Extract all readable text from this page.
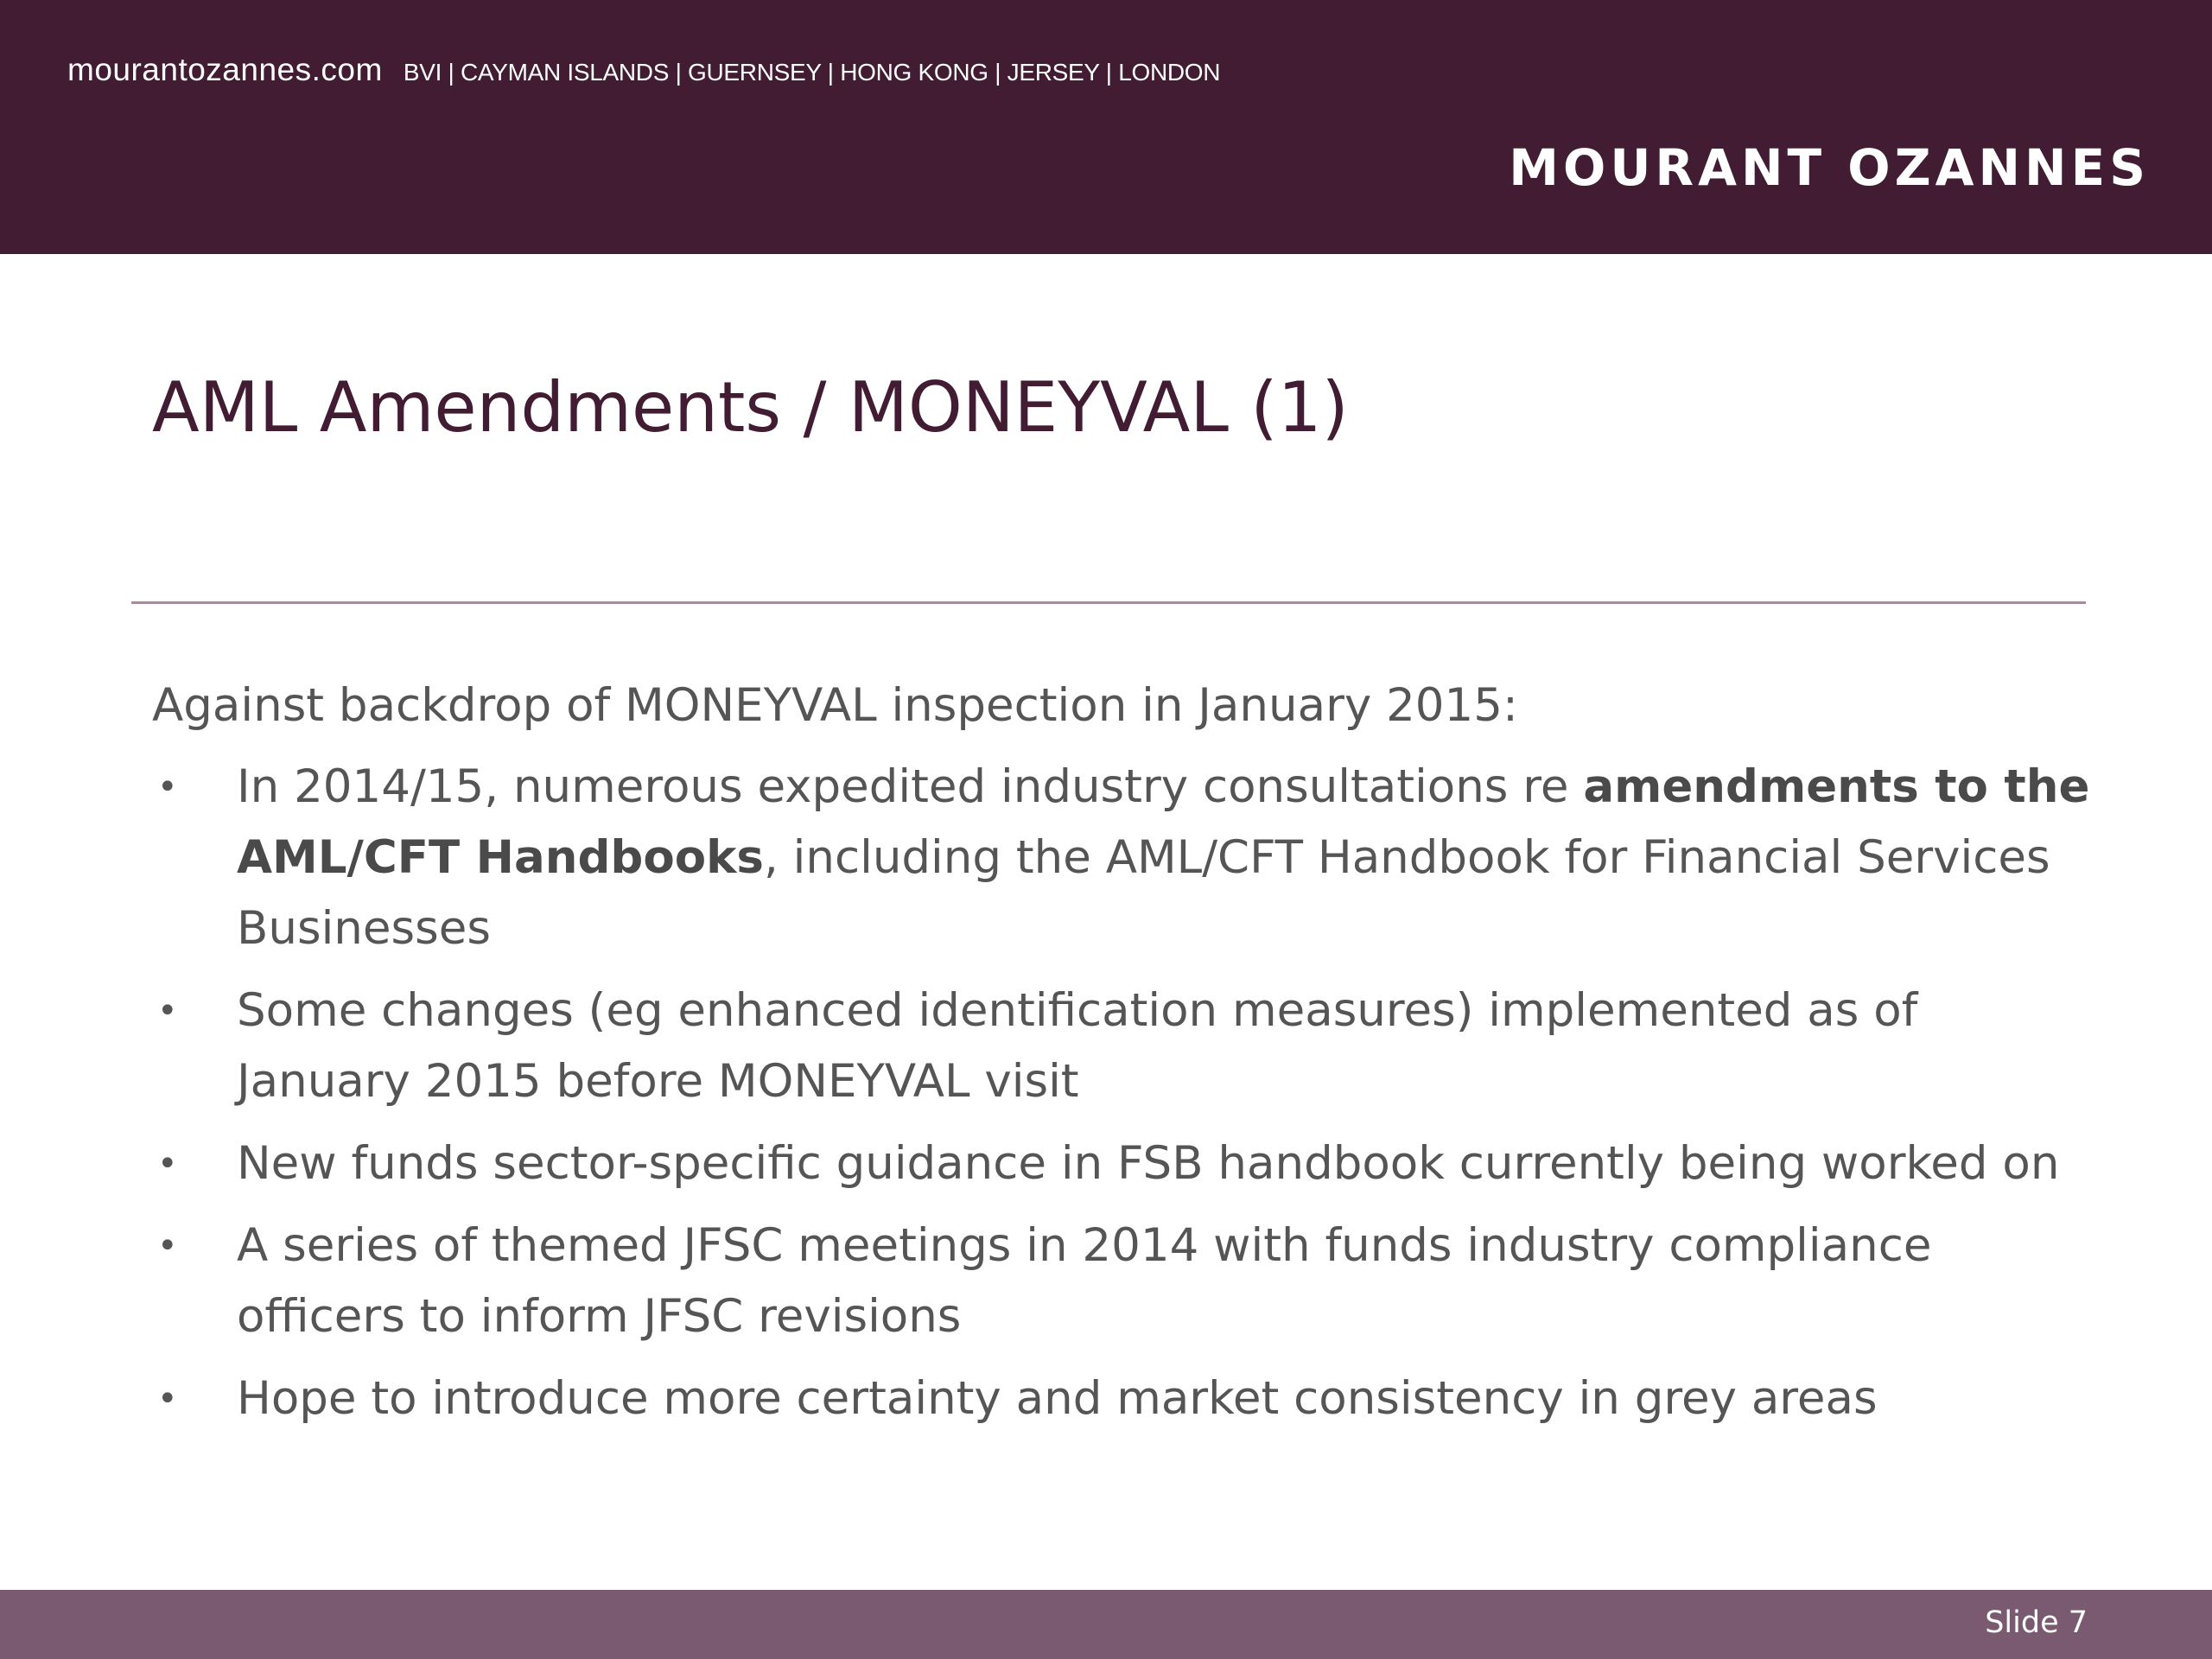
mourantozannes.com BVI | CAYMAN ISLANDS | GUERNSEY | HONG KONG | JERSEY | LONDON
MOURANT OZANNES
AML Amendments / MONEYVAL (1)

Against backdrop of MONEYVAL inspection in January 2015:

• In 2014/15, numerous expedited industry consultations re amendments to the AML/CFT Handbooks, including the AML/CFT Handbook for Financial Services Businesses
• Some changes (eg enhanced identification measures) implemented as of January 2015 before MONEYVAL visit
• New funds sector-specific guidance in FSB handbook currently being worked on
• A series of themed JFSC meetings in 2014 with funds industry compliance officers to inform JFSC revisions
• Hope to introduce more certainty and market consistency in grey areas
Slide 7
